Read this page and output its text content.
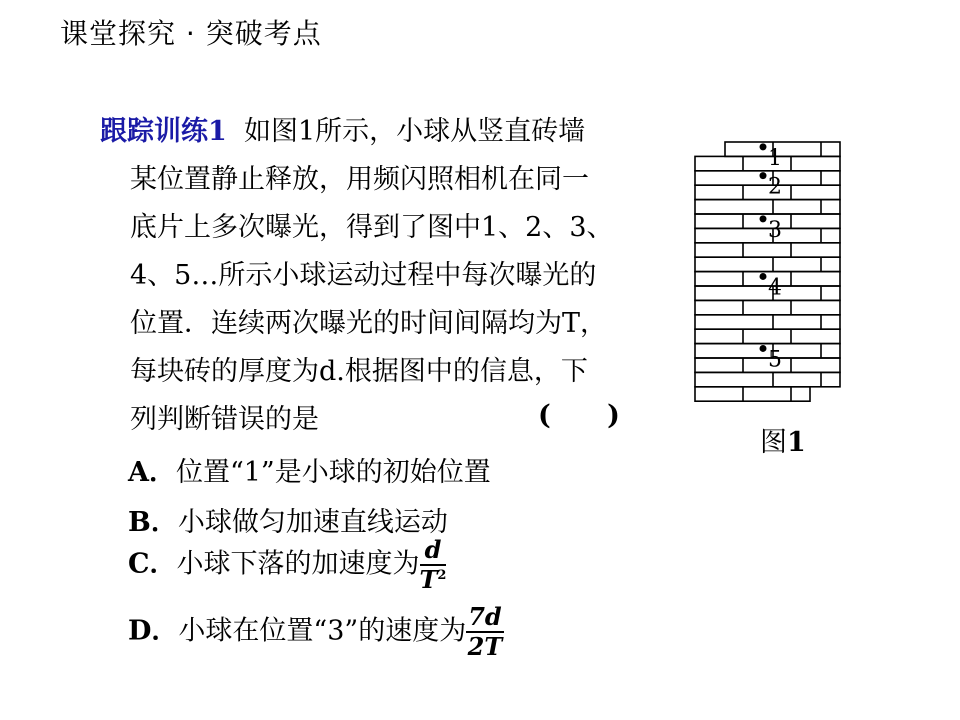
课堂探究 · 突破考点
跟踪训练1 如图1所示，小球从竖直砖墙
某位置静止释放，用频闪照相机在同一
底片上多次曝光，得到了图中1、2、3、
4、5…所示小球运动过程中每次曝光的
位置．连续两次曝光的时间间隔均为T，
每块砖的厚度为d.根据图中的信息，下
列判断错误的是	(      )
A．位置“1”是小球的初始位置
B．小球做匀加速直线运动
C．小球下落的加速度为 $\frac{d}{T^2}$
D．小球在位置“3”的速度为 $\frac{7d}{2T}$
1
2
3
4
5
图1
